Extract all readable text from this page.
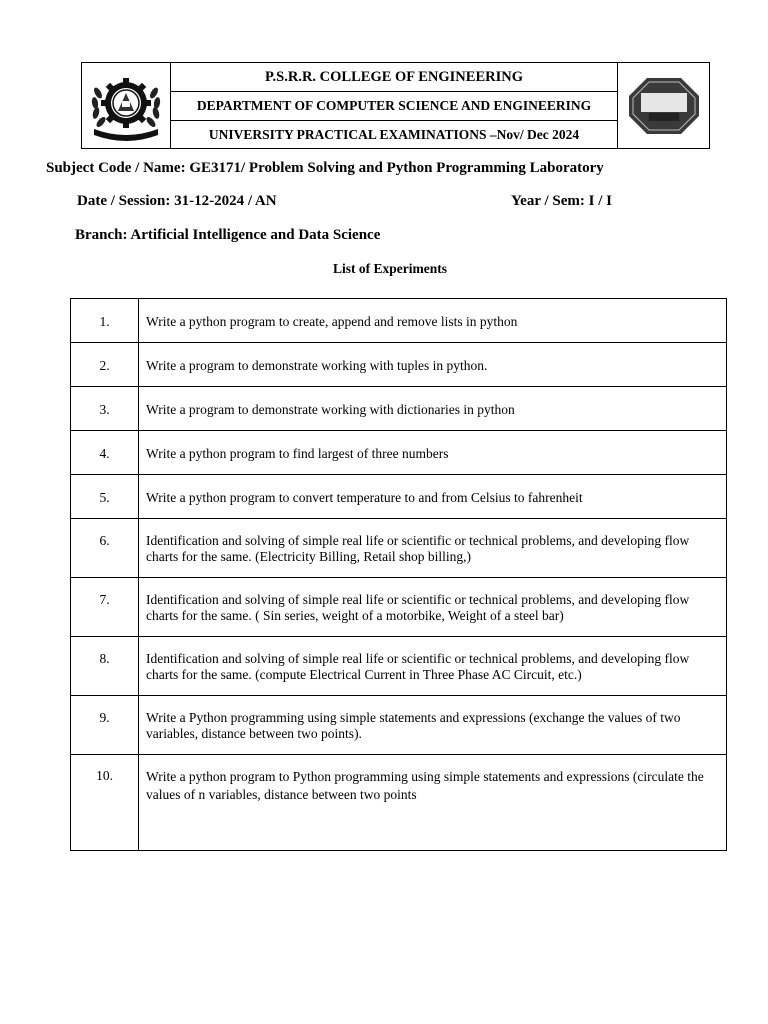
P.S.R.R. COLLEGE OF ENGINEERING
DEPARTMENT OF COMPUTER SCIENCE AND ENGINEERING
UNIVERSITY PRACTICAL EXAMINATIONS –Nov/ Dec 2024
Subject Code / Name: GE3171/ Problem Solving and Python Programming Laboratory
Date / Session: 31-12-2024 / AN	Year / Sem: I / I
Branch: Artificial Intelligence and Data Science
List of Experiments
1.	Write a python program to create, append and remove lists in python
2.	Write a program to demonstrate working with tuples in python.
3.	Write a program to demonstrate working with dictionaries in python
4.	Write a python program to find largest of three numbers
5.	Write a python program to convert temperature to and from Celsius to fahrenheit
6.	Identification and solving of simple real life or scientific or technical problems, and developing flow charts for the same. (Electricity Billing, Retail shop billing,)
7.	Identification and solving of simple real life or scientific or technical problems, and developing flow charts for the same. ( Sin series, weight of a motorbike, Weight of a steel bar)
8.	Identification and solving of simple real life or scientific or technical problems, and developing flow charts for the same. (compute Electrical Current in Three Phase AC Circuit, etc.)
9.	Write a Python programming using simple statements and expressions (exchange the values of two variables, distance between two points).
10.	Write a python program to Python programming using simple statements and expressions (circulate the values of n variables, distance between two points
